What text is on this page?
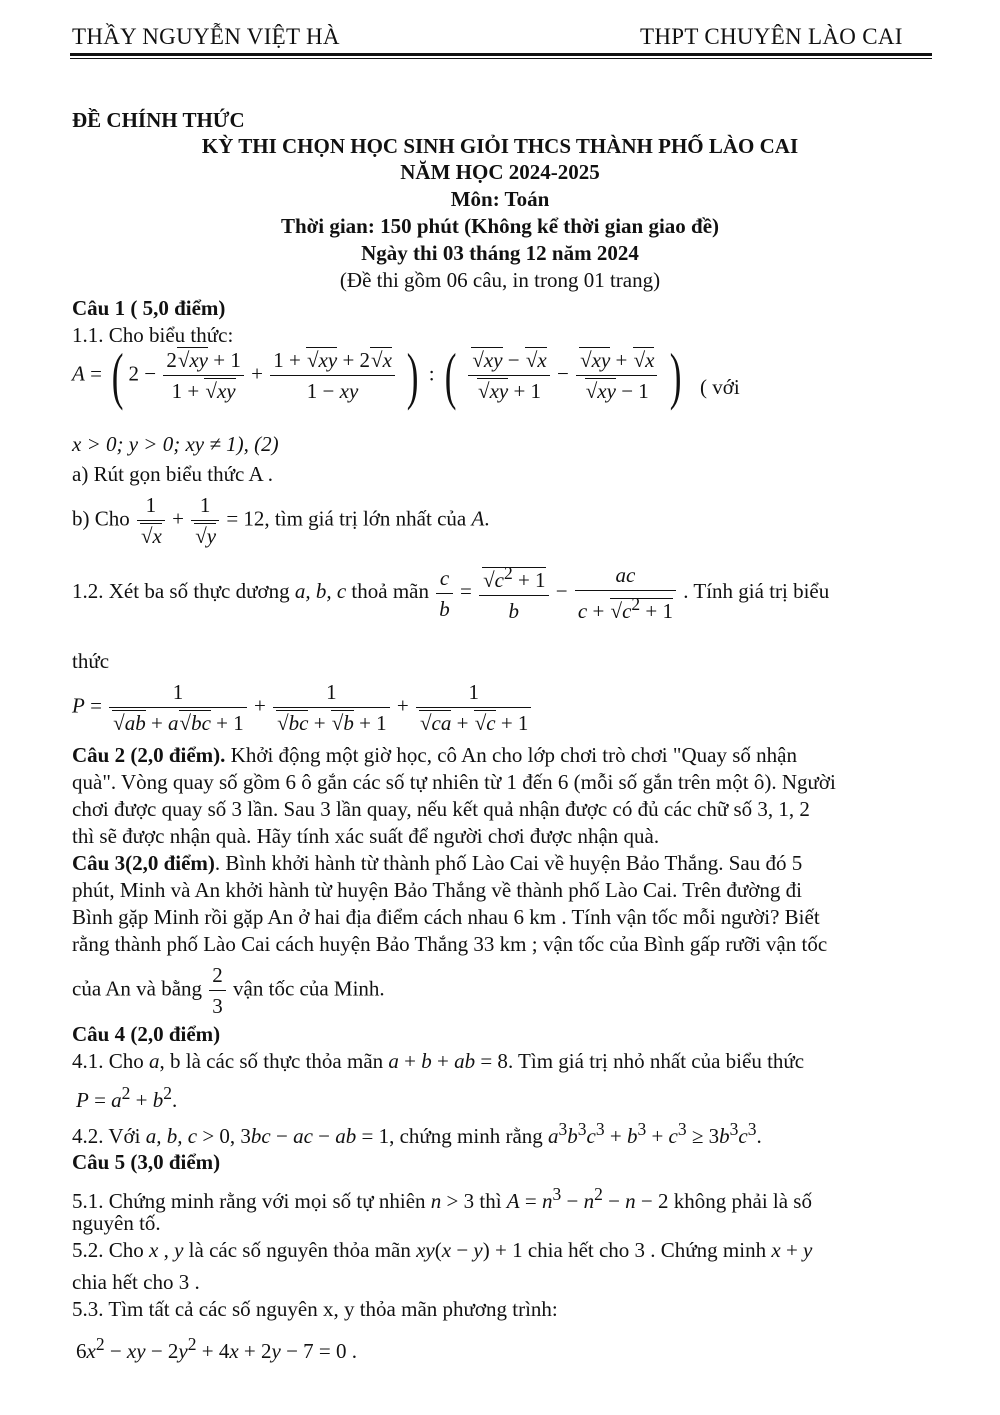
THẦY NGUYỄN VIỆT HÀ	THPT CHUYÊN LÀO CAI
ĐỀ CHÍNH THỨC
KỲ THI CHỌN HỌC SINH GIỎI THCS THÀNH PHỐ LÀO CAI
NĂM HỌC 2024-2025
Môn: Toán
Thời gian: 150 phút (Không kể thời gian giao đề)
Ngày thi 03 tháng 12 năm 2024
(Đề thi gồm 06 câu, in trong 01 trang)
Câu 1 ( 5,0 điểm)
1.1. Cho biểu thức:
A = ( $2 - \frac{2√xy + 1}{1 + √xy} + \frac{1 + √xy + 2√x}{1 - xy}$ ) : ( $\frac{√xy - √x}{√xy + 1} - \frac{√xy + √x}{√xy - 1}$ ) ( với
x > 0; y > 0; xy ≠ 1), (2)
a) Rút gọn biểu thức A .
b) Cho $\frac{1}{√x} + \frac{1}{√y} = 12$, tìm giá trị lớn nhất của A.
1.2. Xét ba số thực dương a, b, c thoả mãn $\frac{c}{b} = \frac{√c^2 + 1}{b} - \frac{ac}{c + √c^2 + 1}$ . Tính giá trị biểu
thức
$P = \frac{1}{√ab + a√bc + 1} + \frac{1}{√bc + √b + 1} + \frac{1}{√ca + √c + 1}$
Câu 2 (2,0 điểm). Khởi động một giờ học, cô An cho lớp chơi trò chơi "Quay số nhận
quà". Vòng quay số gồm 6 ô gắn các số tự nhiên từ 1 đến 6 (mỗi số gắn trên một ô). Người
chơi được quay số 3 lần. Sau 3 lần quay, nếu kết quả nhận được có đủ các chữ số 3, 1, 2
thì sẽ được nhận quà. Hãy tính xác suất để người chơi được nhận quà.
Câu 3(2,0 điểm). Bình khởi hành từ thành phố Lào Cai về huyện Bảo Thắng. Sau đó 5
phút, Minh và An khởi hành từ huyện Bảo Thắng về thành phố Lào Cai. Trên đường đi
Bình gặp Minh rồi gặp An ở hai địa điểm cách nhau 6 km . Tính vận tốc mỗi người? Biết
rằng thành phố Lào Cai cách huyện Bảo Thắng 33 km ; vận tốc của Bình gấp rưỡi vận tốc
của An và bằng $\frac{2}{3}$ vận tốc của Minh.
Câu 4 (2,0 điểm)
4.1. Cho a, b là các số thực thỏa mãn a + b + ab = 8. Tìm giá trị nhỏ nhất của biểu thức
$P = a^2 + b^2$.
4.2. Với a, b, c > 0, 3bc − ac − ab = 1, chứng minh rằng $a^3b^3c^3 + b^3 + c^3 \ge 3b^3c^3$.
Câu 5 (3,0 điểm)
5.1. Chứng minh rằng với mọi số tự nhiên n > 3 thì $A = n^3 - n^2 - n - 2$ không phải là số
nguyên tố.
5.2. Cho x , y là các số nguyên thỏa mãn xy(x − y) + 1 chia hết cho 3 . Chứng minh x + y
chia hết cho 3 .
5.3. Tìm tất cả các số nguyên x, y thỏa mãn phương trình:
$6x^2$ − xy − $2y^2 + 4x + 2y - 7 = 0$ .
